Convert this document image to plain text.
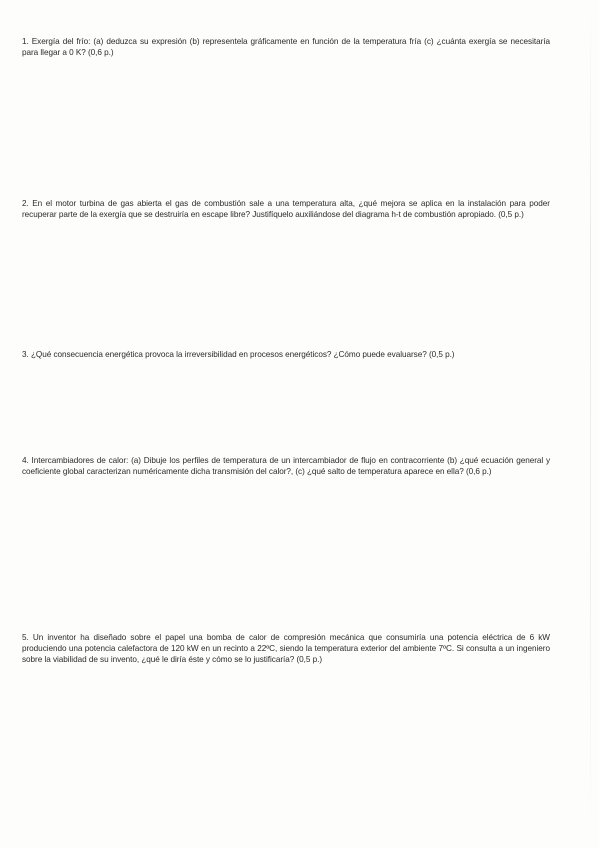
1. Exergía del frío: (a) deduzca su expresión (b) representela gráficamente en función de la temperatura fría (c) ¿cuánta exergía se necesitaría para llegar a 0 K? (0,6 p.)
2. En el motor turbina de gas abierta el gas de combustión sale a una temperatura alta, ¿qué mejora se aplica en la instalación para poder recuperar parte de la exergía que se destruiría en escape libre? Justifíquelo auxiliándose del diagrama h-t de combustión apropiado. (0,5 p.)
3. ¿Qué consecuencia energética provoca la irreversibilidad en procesos energéticos? ¿Cómo puede evaluarse? (0,5 p.)
4. Intercambiadores de calor: (a) Dibuje los perfiles de temperatura de un intercambiador de flujo en contracorriente (b) ¿qué ecuación general y coeficiente global caracterizan numéricamente dicha transmisión del calor?, (c) ¿qué salto de temperatura aparece en ella? (0,6 p.)
5. Un inventor ha diseñado sobre el papel una bomba de calor de compresión mecánica que consumiría una potencia eléctrica de 6 kW produciendo una potencia calefactora de 120 kW en un recinto a 22ºC, siendo la temperatura exterior del ambiente 7ºC. Si consulta a un ingeniero sobre la viabilidad de su invento, ¿qué le diría éste y cómo se lo justificaría? (0,5 p.)
